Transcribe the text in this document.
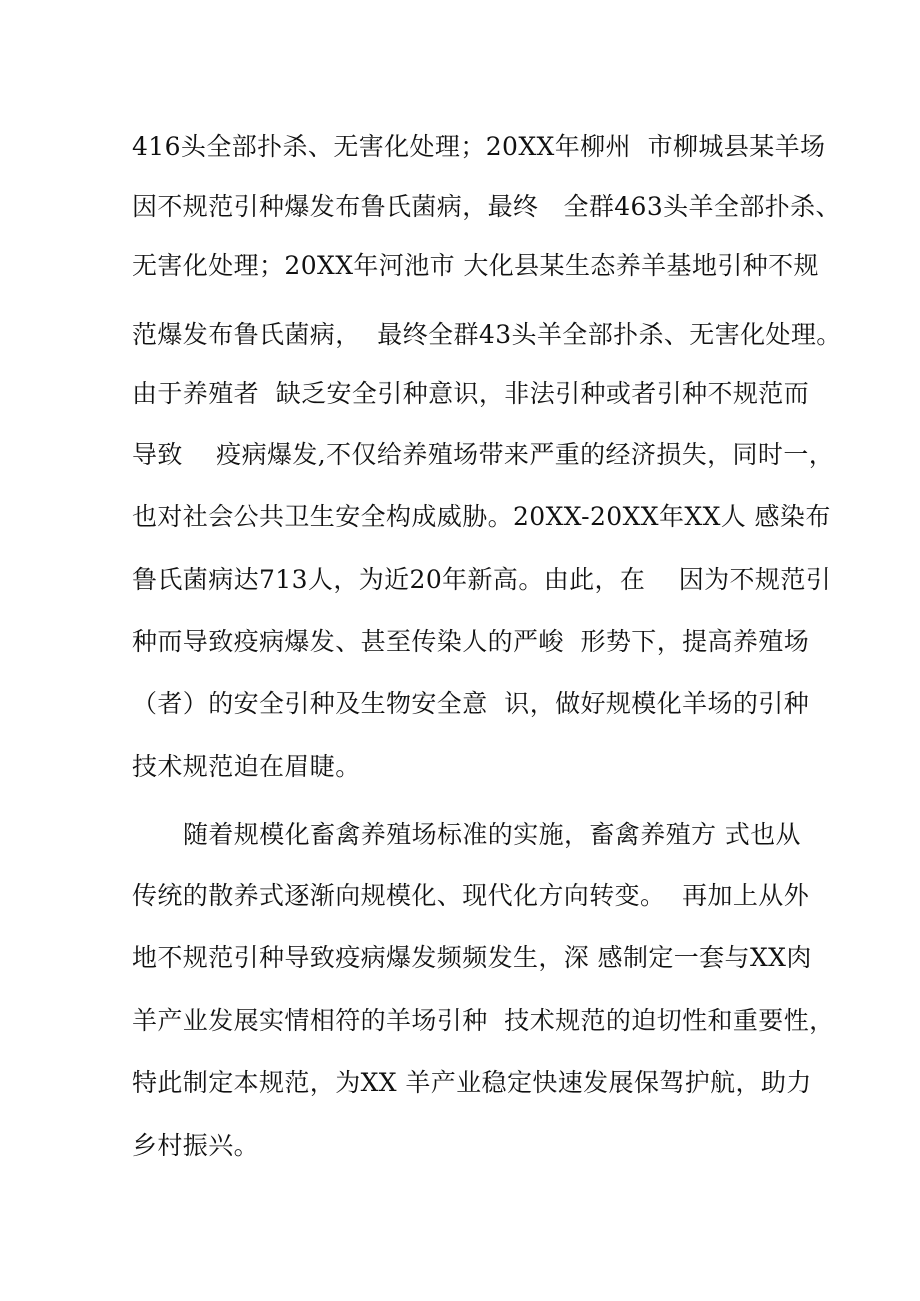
416头全部扑杀、无害化处理；20XX年柳州  市柳城县某羊场
因不规范引种爆发布鲁氏菌病，最终   全群463头羊全部扑杀、
无害化处理；20XX年河池市 大化县某生态养羊基地引种不规
范爆发布鲁氏菌病，  最终全群43头羊全部扑杀、无害化处理。
由于养殖者  缺乏安全引种意识，非法引种或者引种不规范而
导致    疫病爆发,不仅给养殖场带来严重的经济损失，同时一，
也对社会公共卫生安全构成威胁。20XX-20XX年XX人 感染布
鲁氏菌病达713人，为近20年新高。由此，在    因为不规范引
种而导致疫病爆发、甚至传染人的严峻  形势下，提高养殖场
（者）的安全引种及生物安全意  识，做好规模化羊场的引种
技术规范迫在眉睫。
随着规模化畜禽养殖场标准的实施，畜禽养殖方 式也从
传统的散养式逐渐向规模化、现代化方向转变。  再加上从外
地不规范引种导致疫病爆发频频发生，深 感制定一套与XX肉
羊产业发展实情相符的羊场引种  技术规范的迫切性和重要性，
特此制定本规范，为XX 羊产业稳定快速发展保驾护航，助力
乡村振兴。
